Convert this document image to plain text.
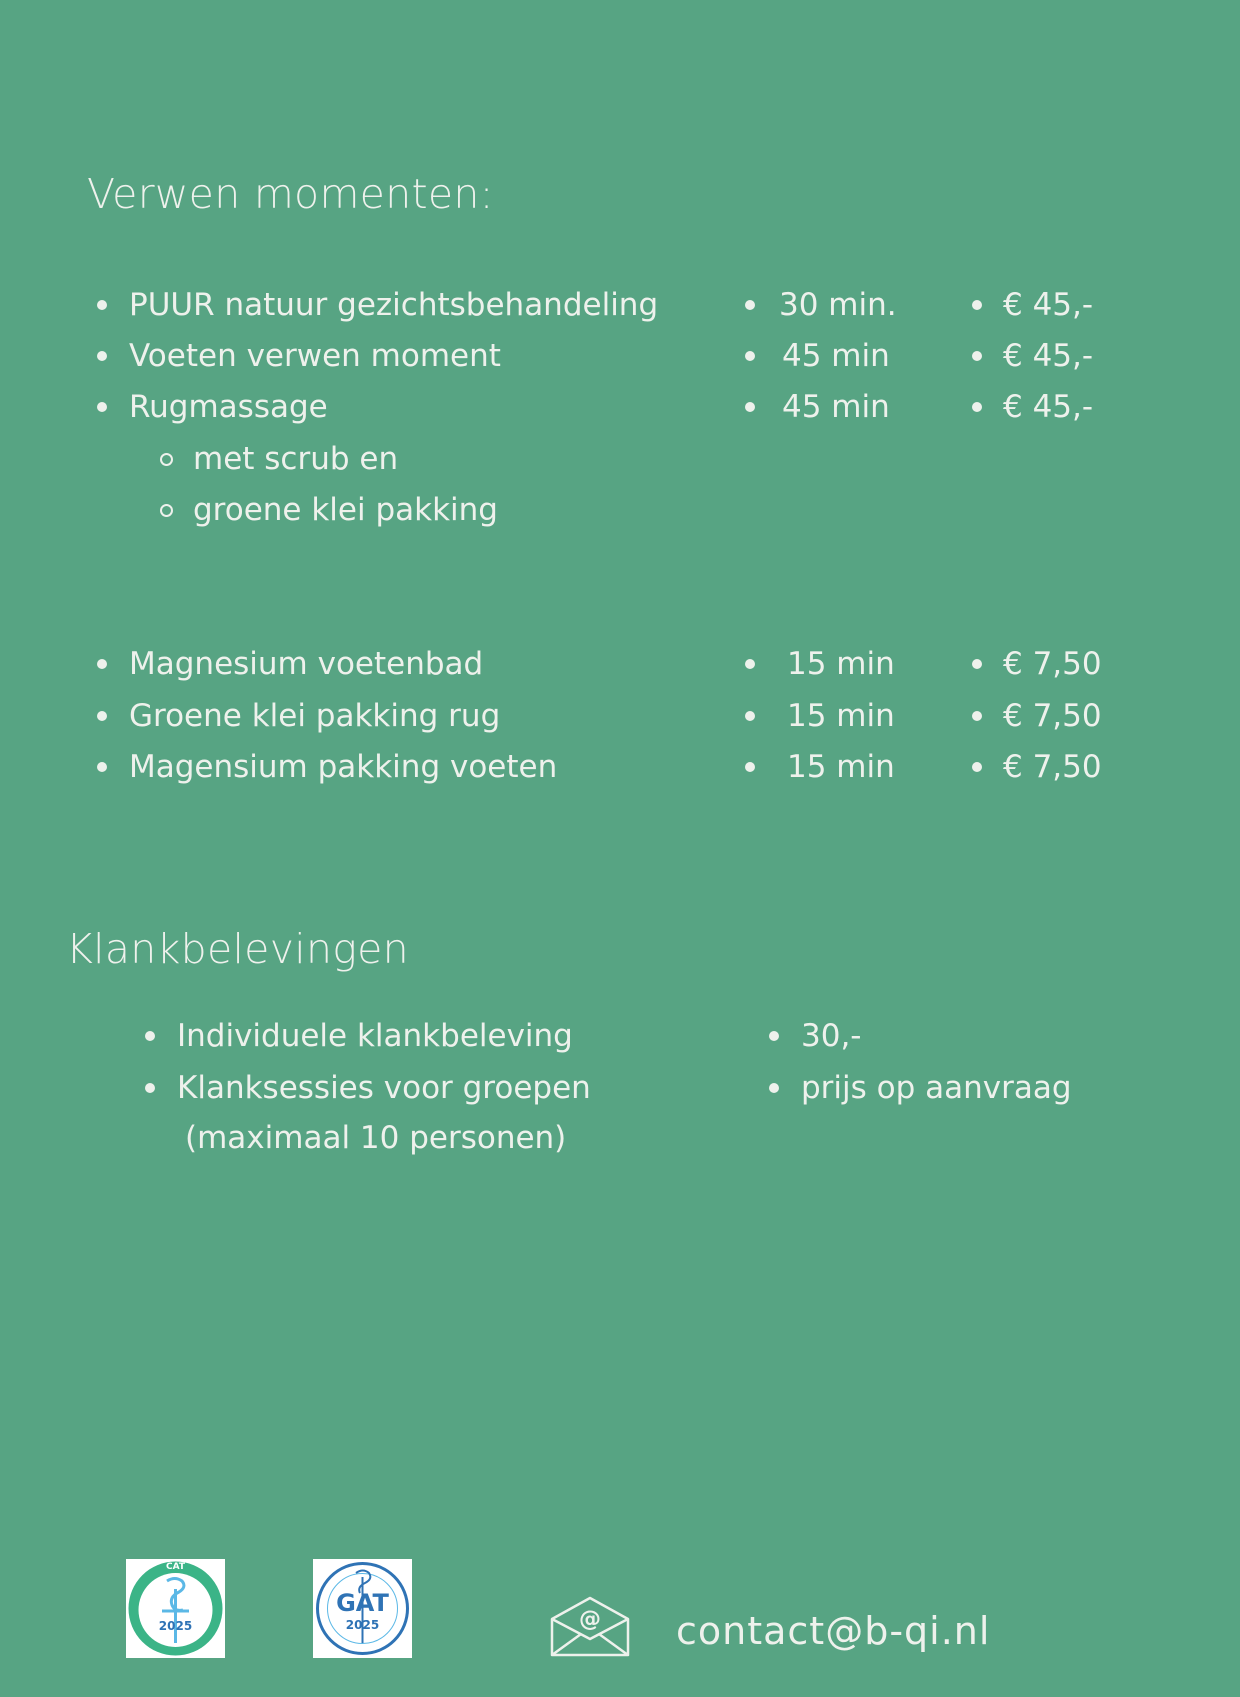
Verwen momenten:
PUUR natuur gezichtsbehandeling	30 min.	€ 45,-
Voeten verwen moment	45 min	€ 45,-
Rugmassage	45 min	€ 45,-
met scrub en
groene klei pakking
Magnesium voetenbad	15 min	€ 7,50
Groene klei pakking rug	15 min	€ 7,50
Magensium pakking voeten	15 min	€ 7,50
Klankbelevingen
Individuele klankbeleving	30,-
Klanksessies voor groepen	prijs op aanvraag
(maximaal 10 personen)
CAT
2025
GAT
2025	@ contact@b-qi.nl
